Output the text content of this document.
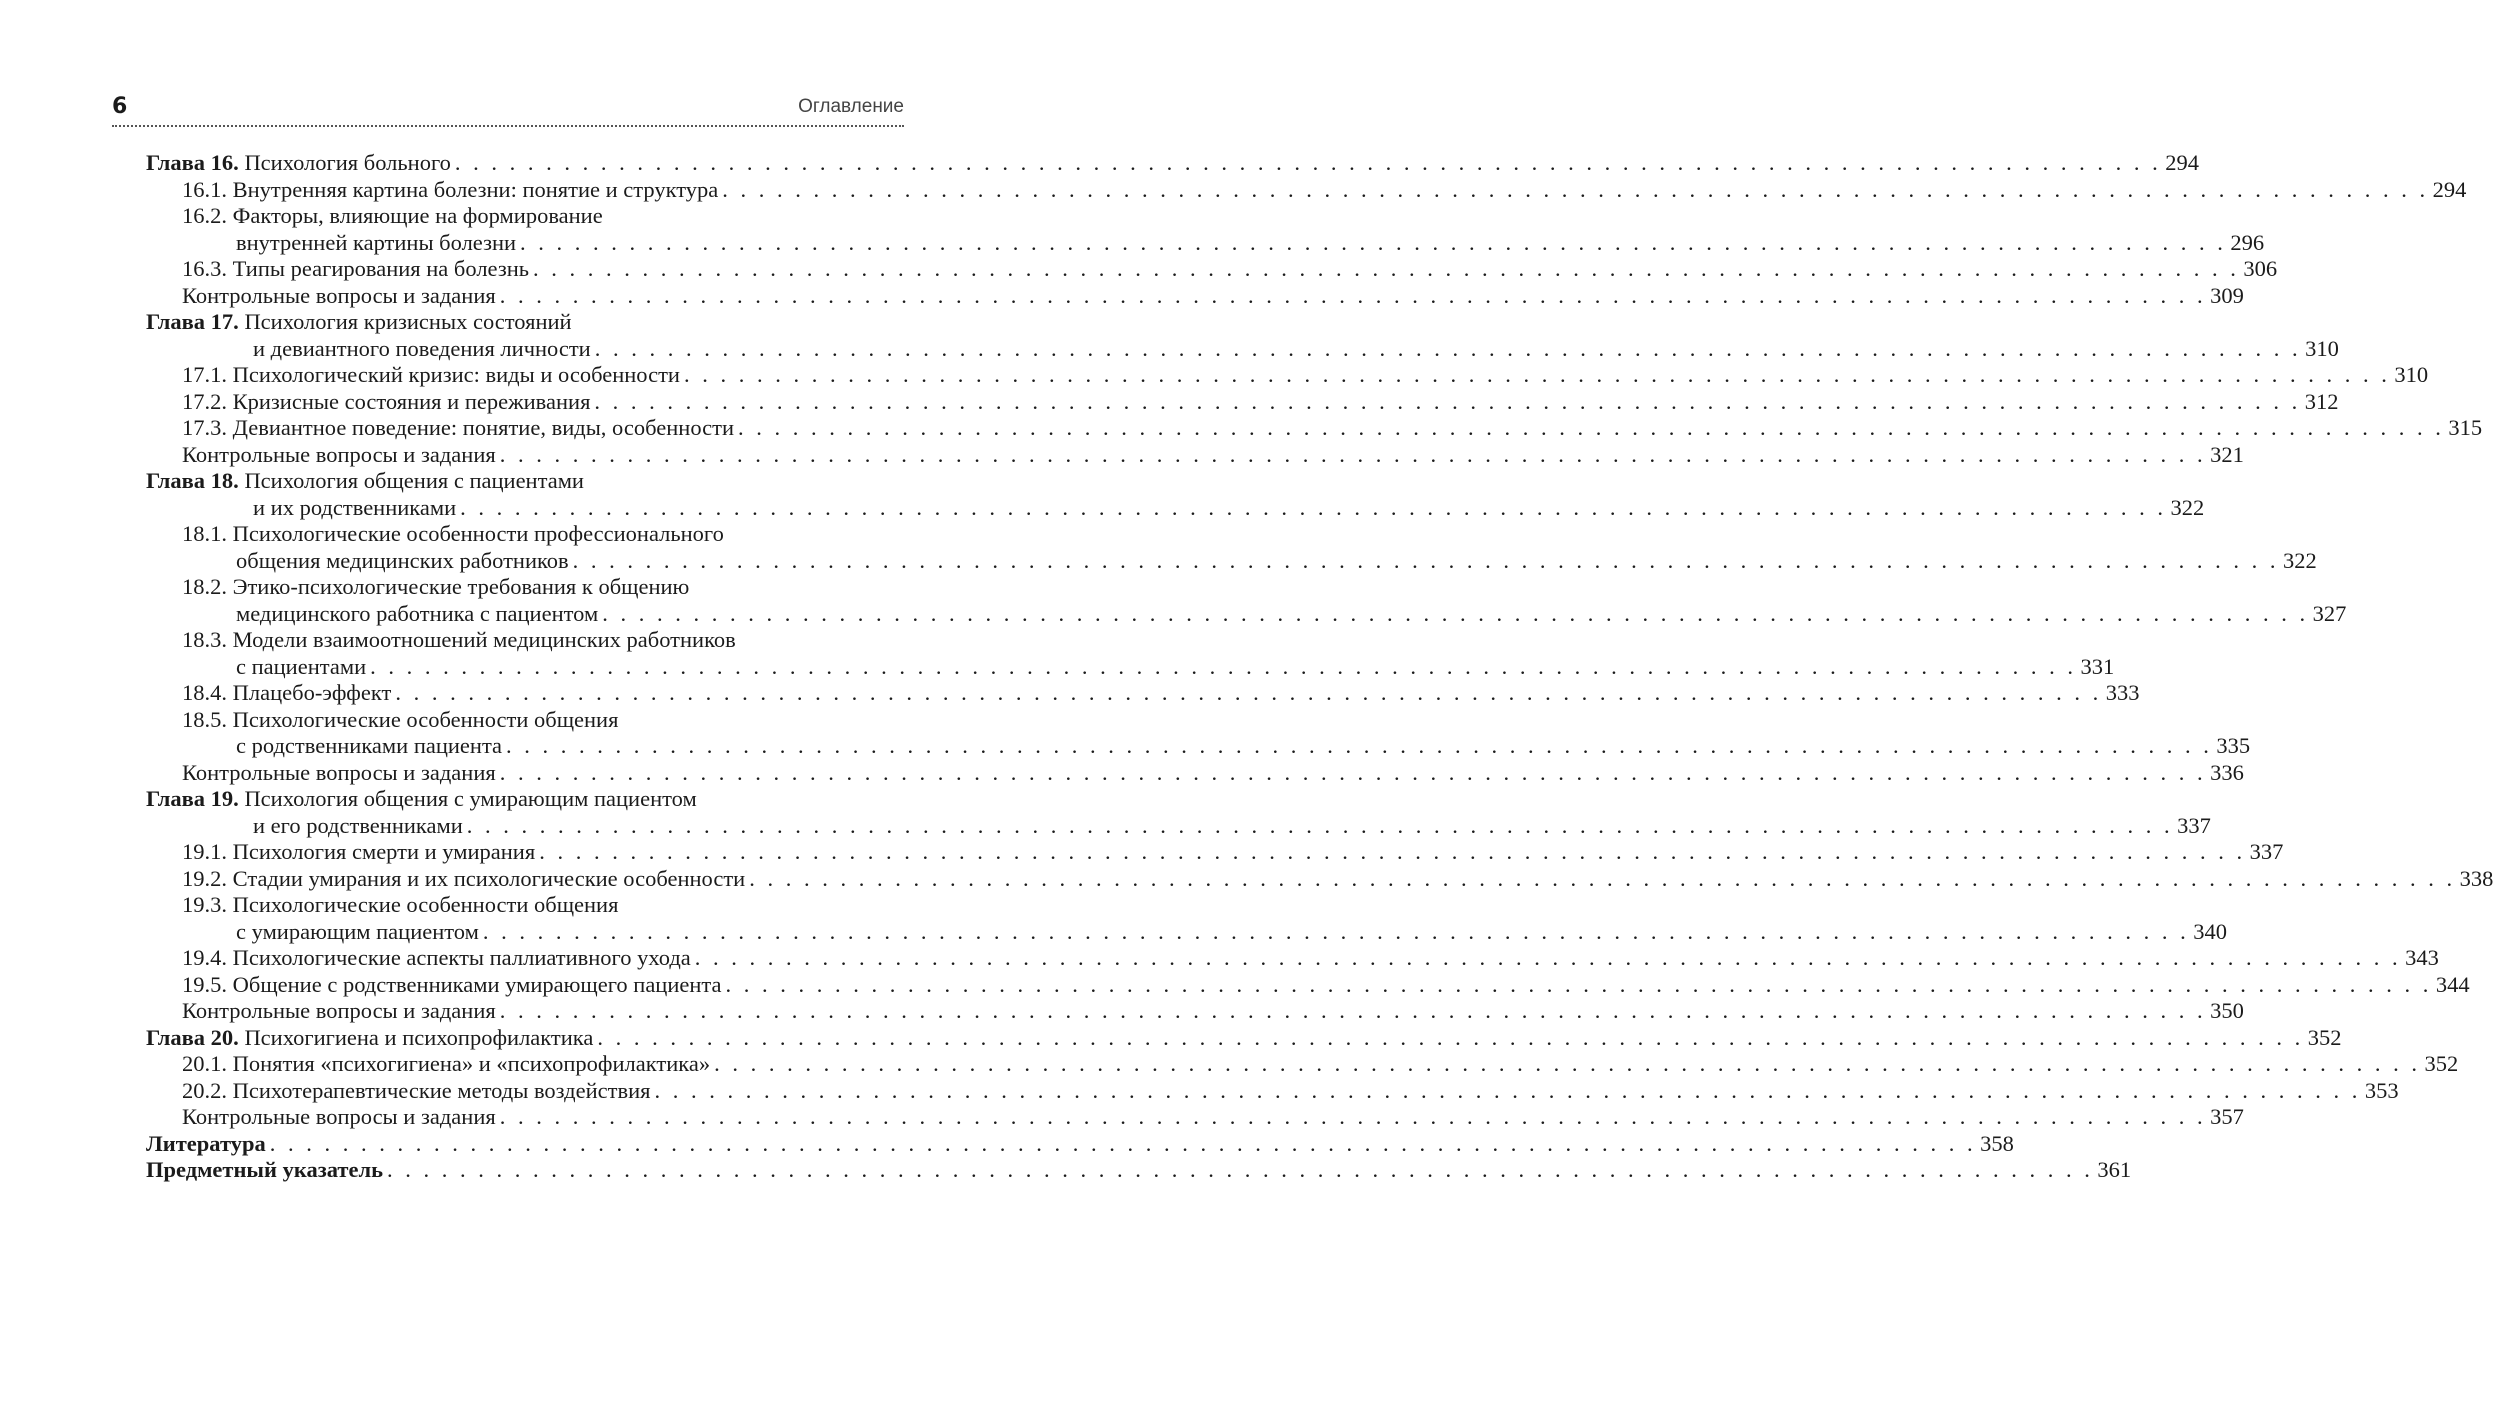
6	Оглавление
Глава 16. Психология больного . . .	294
16.1. Внутренняя картина болезни: понятие и структура . . .	294
16.2. Факторы, влияющие на формирование
внутренней картины болезни . . .	296
16.3. Типы реагирования на болезнь . . .	306
Контрольные вопросы и задания . . .	309
Глава 17. Психология кризисных состояний
и девиантного поведения личности . . .	310
17.1. Психологический кризис: виды и особенности . . .	310
17.2. Кризисные состояния и переживания . . .	312
17.3. Девиантное поведение: понятие, виды, особенности . . .	315
Контрольные вопросы и задания . . .	321
Глава 18. Психология общения с пациентами
и их родственниками . . .	322
18.1. Психологические особенности профессионального
общения медицинских работников . . .	322
18.2. Этико-психологические требования к общению
медицинского работника с пациентом . . .	327
18.3. Модели взаимоотношений медицинских работников
с пациентами . . .	331
18.4. Плацебо-эффект . . .	333
18.5. Психологические особенности общения
с родственниками пациента . . .	335
Контрольные вопросы и задания . . .	336
Глава 19. Психология общения с умирающим пациентом
и его родственниками . . .	337
19.1. Психология смерти и умирания . . .	337
19.2. Стадии умирания и их психологические особенности . . .	338
19.3. Психологические особенности общения
с умирающим пациентом . . .	340
19.4. Психологические аспекты паллиативного ухода . . .	343
19.5. Общение с родственниками умирающего пациента . . .	344
Контрольные вопросы и задания . . .	350
Глава 20. Психогигиена и психопрофилактика . . .	352
20.1. Понятия «психогигиена» и «психопрофилактика» . . .	352
20.2. Психотерапевтические методы воздействия . . .	353
Контрольные вопросы и задания . . .	357
Литература . . .	358
Предметный указатель . . .	361
